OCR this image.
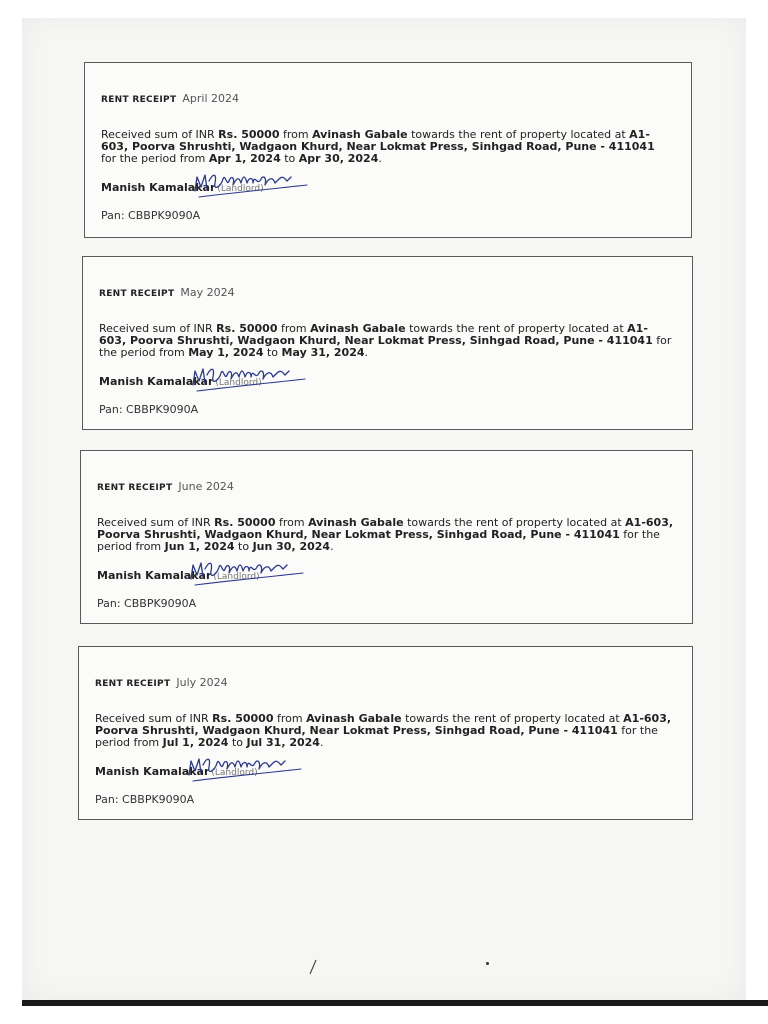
RENT RECEIPT April 2024
Received sum of INR Rs. 50000 from Avinash Gabale towards the rent of property located at A1-603, Poorva Shrushti, Wadgaon Khurd, Near Lokmat Press, Sinhgad Road, Pune - 411041 for the period from Apr 1, 2024 to Apr 30, 2024.
Manish Kamalakar (Landlord)
Pan: CBBPK9090A
RENT RECEIPT May 2024
Received sum of INR Rs. 50000 from Avinash Gabale towards the rent of property located at A1-603, Poorva Shrushti, Wadgaon Khurd, Near Lokmat Press, Sinhgad Road, Pune - 411041 for the period from May 1, 2024 to May 31, 2024.
Manish Kamalakar (Landlord)
Pan: CBBPK9090A
RENT RECEIPT June 2024
Received sum of INR Rs. 50000 from Avinash Gabale towards the rent of property located at A1-603, Poorva Shrushti, Wadgaon Khurd, Near Lokmat Press, Sinhgad Road, Pune - 411041 for the period from Jun 1, 2024 to Jun 30, 2024.
Manish Kamalakar (Landlord)
Pan: CBBPK9090A
RENT RECEIPT July 2024
Received sum of INR Rs. 50000 from Avinash Gabale towards the rent of property located at A1-603, Poorva Shrushti, Wadgaon Khurd, Near Lokmat Press, Sinhgad Road, Pune - 411041 for the period from Jul 1, 2024 to Jul 31, 2024.
Manish Kamalakar (Landlord)
Pan: CBBPK9090A
